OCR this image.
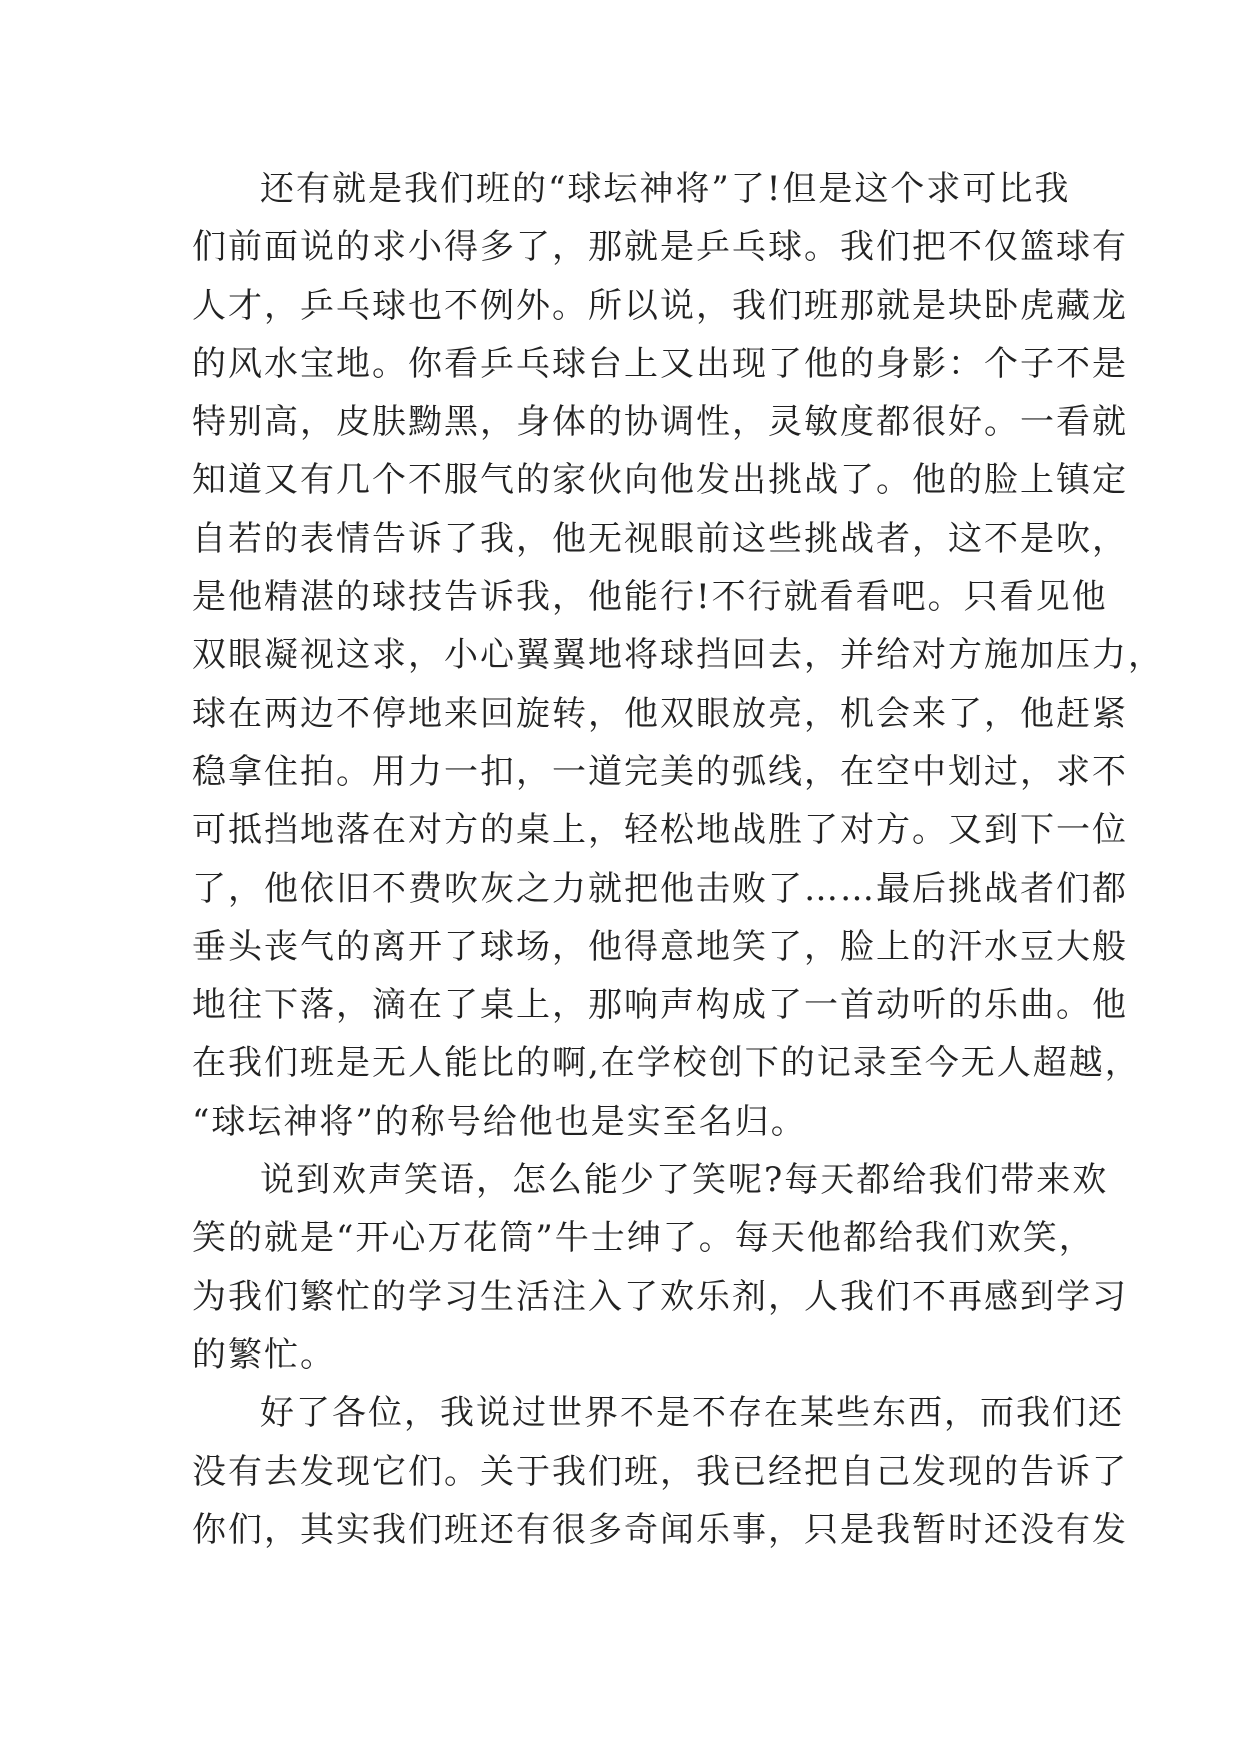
还有就是我们班的“球坛神将”了!但是这个求可比我
们前面说的求小得多了，那就是乒乓球。我们把不仅篮球有
人才，乒乓球也不例外。所以说，我们班那就是块卧虎藏龙
的风水宝地。你看乒乓球台上又出现了他的身影：个子不是
特别高，皮肤黝黑，身体的协调性，灵敏度都很好。一看就
知道又有几个不服气的家伙向他发出挑战了。他的脸上镇定
自若的表情告诉了我，他无视眼前这些挑战者，这不是吹，
是他精湛的球技告诉我，他能行!不行就看看吧。只看见他
双眼凝视这求，小心翼翼地将球挡回去，并给对方施加压力，
球在两边不停地来回旋转，他双眼放亮，机会来了，他赶紧
稳拿住拍。用力一扣，一道完美的弧线，在空中划过，求不
可抵挡地落在对方的桌上，轻松地战胜了对方。又到下一位
了，他依旧不费吹灰之力就把他击败了……最后挑战者们都
垂头丧气的离开了球场，他得意地笑了，脸上的汗水豆大般
地往下落，滴在了桌上，那响声构成了一首动听的乐曲。他
在我们班是无人能比的啊,在学校创下的记录至今无人超越，
“球坛神将”的称号给他也是实至名归。
说到欢声笑语，怎么能少了笑呢?每天都给我们带来欢
笑的就是“开心万花筒”牛士绅了。每天他都给我们欢笑，
为我们繁忙的学习生活注入了欢乐剂，人我们不再感到学习
的繁忙。
好了各位，我说过世界不是不存在某些东西，而我们还
没有去发现它们。关于我们班，我已经把自己发现的告诉了
你们，其实我们班还有很多奇闻乐事，只是我暂时还没有发
